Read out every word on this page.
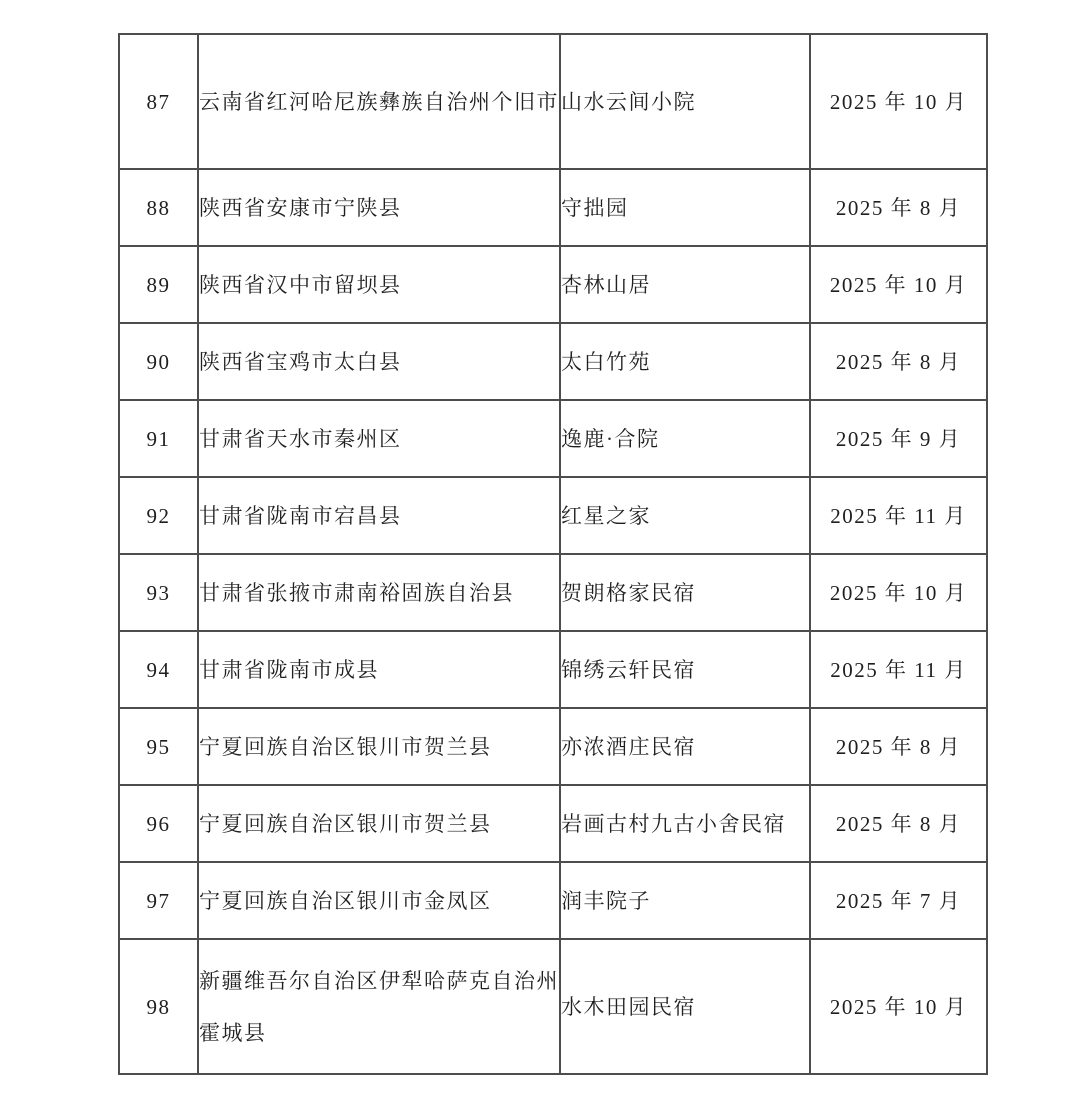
87	云南省红河哈尼族彝族自治州个旧市	山水云间小院	2025 年 10 月
88	陕西省安康市宁陕县	守拙园	2025 年 8 月
89	陕西省汉中市留坝县	杏林山居	2025 年 10 月
90	陕西省宝鸡市太白县	太白竹苑	2025 年 8 月
91	甘肃省天水市秦州区	逸鹿·合院	2025 年 9 月
92	甘肃省陇南市宕昌县	红星之家	2025 年 11 月
93	甘肃省张掖市肃南裕固族自治县	贺朗格家民宿	2025 年 10 月
94	甘肃省陇南市成县	锦绣云轩民宿	2025 年 11 月
95	宁夏回族自治区银川市贺兰县	亦浓酒庄民宿	2025 年 8 月
96	宁夏回族自治区银川市贺兰县	岩画古村九古小舍民宿	2025 年 8 月
97	宁夏回族自治区银川市金凤区	润丰院子	2025 年 7 月
98	新疆维吾尔自治区伊犁哈萨克自治州霍城县	水木田园民宿	2025 年 10 月
